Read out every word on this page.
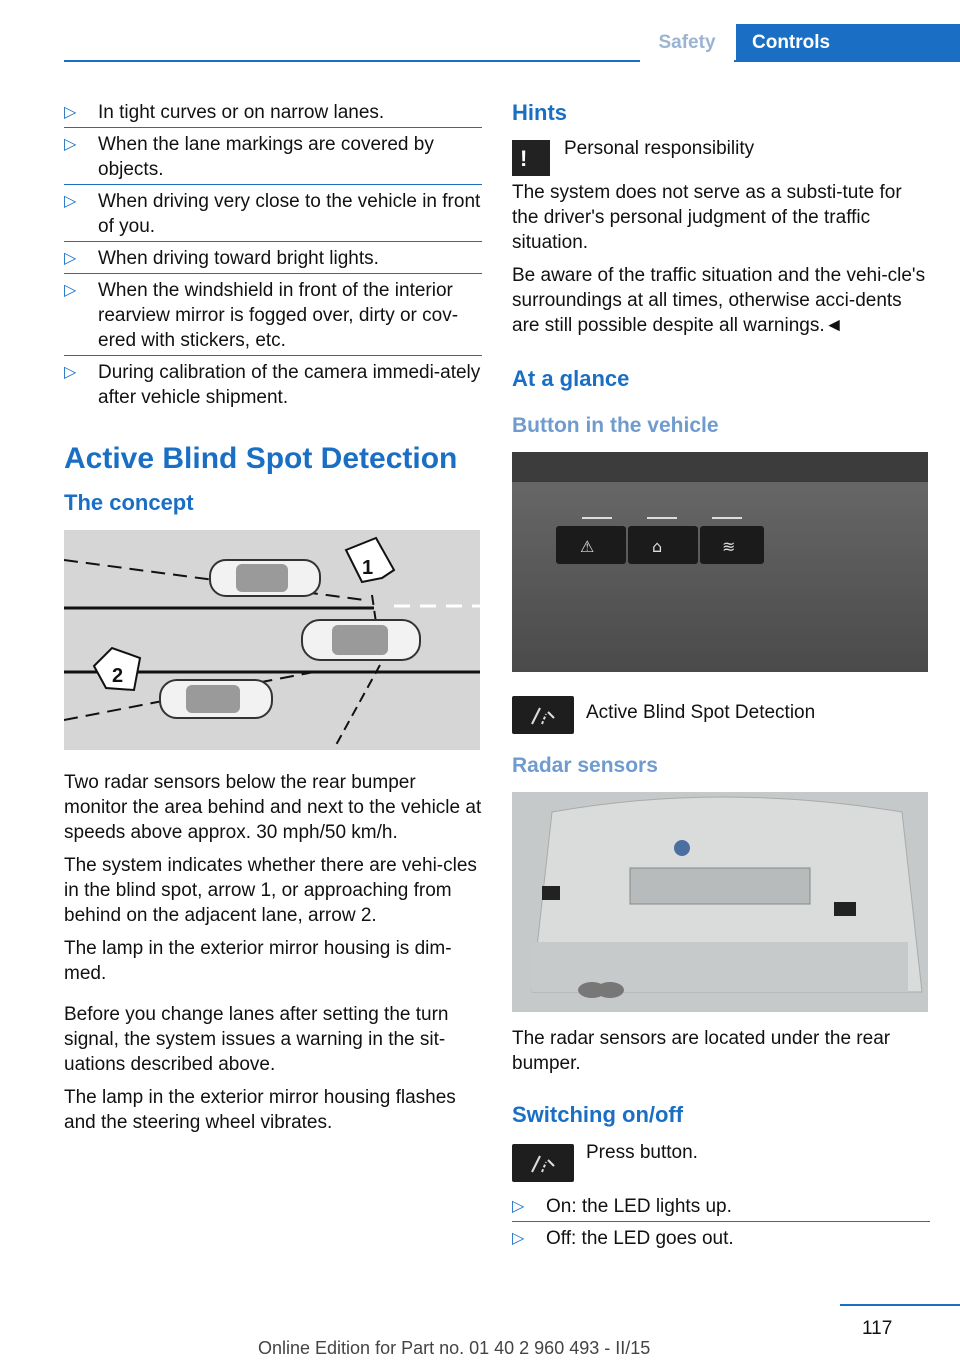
Safety	Controls
▷ In tight curves or on narrow lanes.
▷ When the lane markings are covered by objects.
▷ When driving very close to the vehicle in front of you.
▷ When driving toward bright lights.
▷ When the windshield in front of the interior rearview mirror is fogged over, dirty or cov‐ered with stickers, etc.
▷ During calibration of the camera immedi‐ately after vehicle shipment.
Active Blind Spot Detection
The concept
1
2

Two radar sensors below the rear bumper monitor the area behind and next to the vehicle at speeds above approx. 30 mph/50 km/h.

The system indicates whether there are vehi‐cles in the blind spot, arrow 1, or approaching from behind on the adjacent lane, arrow 2.

The lamp in the exterior mirror housing is dim‐med.

Before you change lanes after setting the turn signal, the system issues a warning in the sit‐uations described above.

The lamp in the exterior mirror housing flashes and the steering wheel vibrates.

Hints
! Personal responsibility

The system does not serve as a substi‐tute for the driver's personal judgment of the traffic situation.

Be aware of the traffic situation and the vehi‐cle's surroundings at all times, otherwise acci‐dents are still possible despite all warnings.◄

At a glance
Button in the vehicle
⚠	⌂	≋

Active Blind Spot Detection

Radar sensors

The radar sensors are located under the rear bumper.

Switching on/off

Press button.

▷ On: the LED lights up.
▷ Off: the LED goes out.
117
Online Edition for Part no. 01 40 2 960 493 - II/15
